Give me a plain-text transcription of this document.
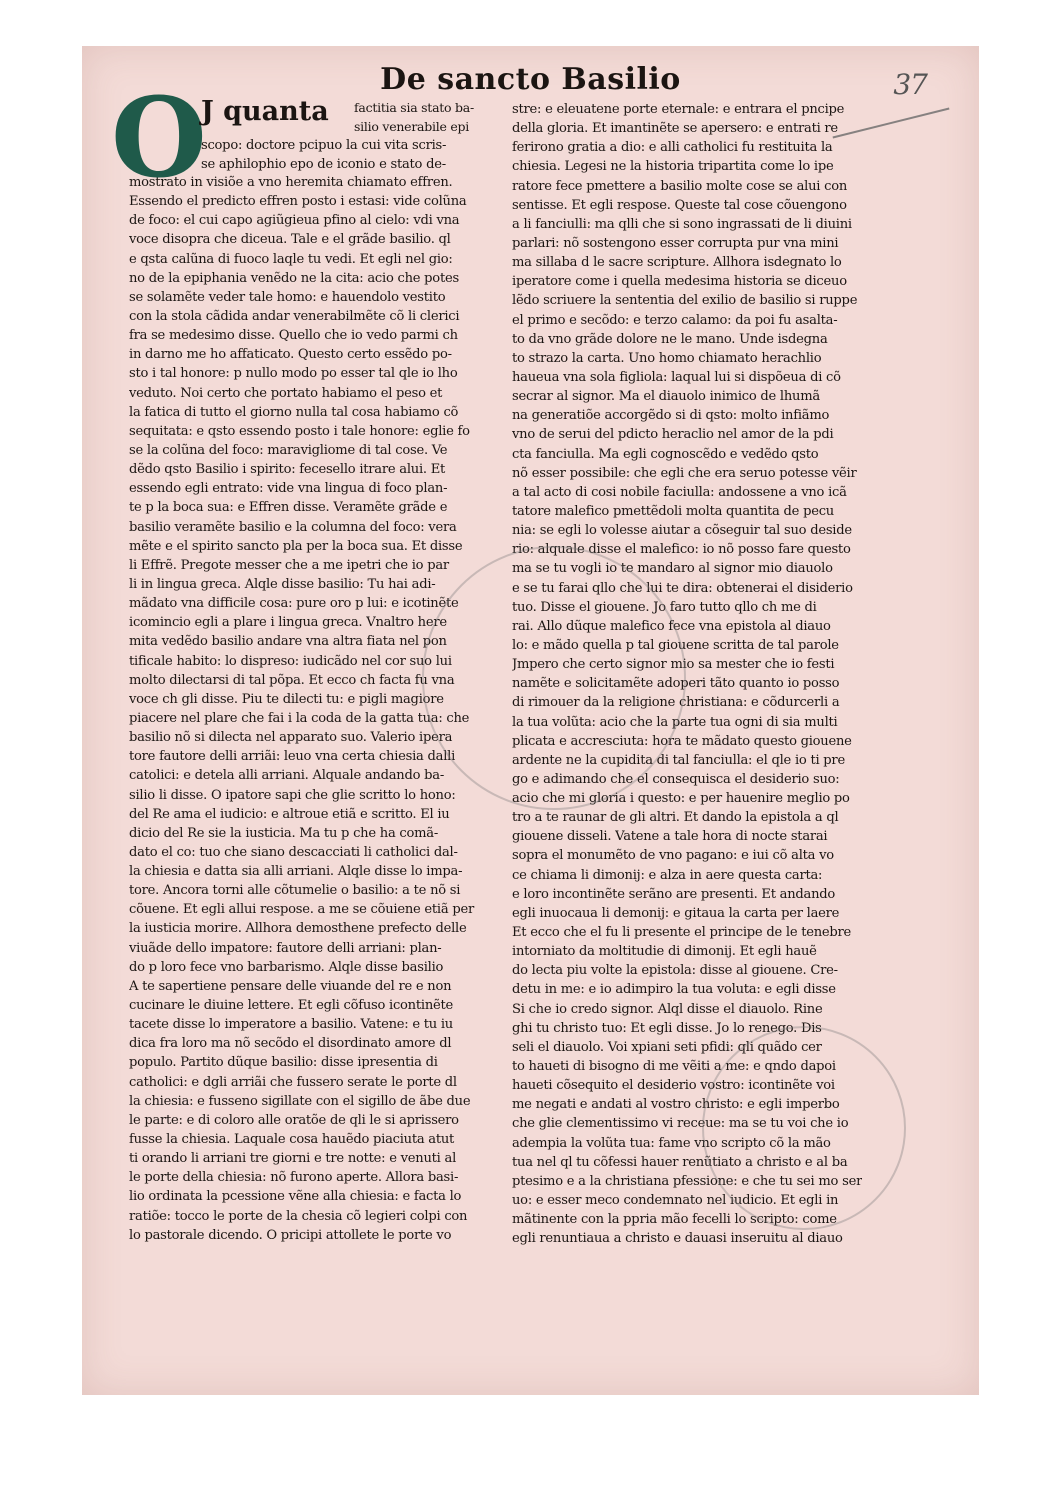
37
De sancto Basilio
O
J quanta factitia sia stato ba-
silio venerabile epi
scopo: doctore pcipuo la cui vita scris-
se aphilophio epo de iconio e stato de-
mostrato in visiõe a vno heremita chiamato effren.
Essendo el predicto effren posto i estasi: vide colũna
de foco: el cui capo agiũgieua pfino al cielo: vdi vna
voce disopra che diceua. Tale e el grãde basilio. ql
e qsta calũna di fuoco laqle tu vedi. Et egli nel gio:
no de la epiphania venẽdo ne la cita: acio che potes
se solamẽte veder tale homo: e hauendolo vestito
con la stola cãdida andar venerabilmẽte cõ li clerici
fra se medesimo disse. Quello che io vedo parmi ch
in darno me ho affaticato. Questo certo essẽdo po-
sto i tal honore: p nullo modo po esser tal qle io lho
veduto. Noi certo che portato habiamo el peso et
la fatica di tutto el giorno nulla tal cosa habiamo cõ
sequitata: e qsto essendo posto i tale honore: eglie fo
se la colũna del foco: maravigliome di tal cose. Ve
dẽdo qsto Basilio i spirito: fecesello itrare alui. Et
essendo egli entrato: vide vna lingua di foco plan-
te p la boca sua: e Effren disse. Veramẽte grãde e
basilio veramẽte basilio e la columna del foco: vera
mẽte e el spirito sancto pla per la boca sua. Et disse
li Effrẽ. Pregote messer che a me ipetri che io par
li in lingua greca. Alqle disse basilio: Tu hai adi-
mãdato vna difficile cosa: pure oro p lui: e icotinẽte
icomincio egli a plare i lingua greca. Vnaltro here
mita vedẽdo basilio andare vna altra fiata nel pon
tificale habito: lo dispreso: iudicãdo nel cor suo lui
molto dilectarsi di tal põpa. Et ecco ch facta fu vna
voce ch gli disse. Piu te dilecti tu: e pigli magiore
piacere nel plare che fai i la coda de la gatta tua: che
basilio nõ si dilecta nel apparato suo. Valerio ipera
tore fautore delli arriãi: leuo vna certa chiesia dalli
catolici: e detela alli arriani. Alquale andando ba-
silio li disse. O ipatore sapi che glie scritto lo hono:
del Re ama el iudicio: e altroue etiã e scritto. El iu
dicio del Re sie la iusticia. Ma tu p che ha comã-
dato el co: tuo che siano descacciati li catholici dal-
la chiesia e datta sia alli arriani. Alqle disse lo impa-
tore. Ancora torni alle cõtumelie o basilio: a te nõ si
cõuene. Et egli allui respose. a me se cõuiene etiã per
la iusticia morire. Allhora demosthene prefecto delle
viuãde dello impatore: fautore delli arriani: plan-
do p loro fece vno barbarismo. Alqle disse basilio
A te sapertiene pensare delle viuande del re e non
cucinare le diuine lettere. Et egli cõfuso icontinẽte
tacete disse lo imperatore a basilio. Vatene: e tu iu
dica fra loro ma nõ secõdo el disordinato amore dl
populo. Partito dũque basilio: disse ipresentia di
catholici: e dgli arriãi che fussero serate le porte dl
la chiesia: e fusseno sigillate con el sigillo de ãbe due
le parte: e di coloro alle oratõe de qli le si aprissero
fusse la chiesia. Laquale cosa hauẽdo piaciuta atut
ti orando li arriani tre giorni e tre notte: e venuti al
le porte della chiesia: nõ furono aperte. Allora basi-
lio ordinata la pcessione vẽne alla chiesia: e facta lo
ratiõe: tocco le porte de la chesia cõ legieri colpi con
lo pastorale dicendo. O pricipi attollete le porte vo
stre: e eleuatene porte eternale: e entrara el pncipe
della gloria. Et imantinẽte se apersero: e entrati re
ferirono gratia a dio: e alli catholici fu restituita la
chiesia. Legesi ne la historia tripartita come lo ipe
ratore fece pmettere a basilio molte cose se alui con
sentisse. Et egli respose. Queste tal cose cõuengono
a li fanciulli: ma qlli che si sono ingrassati de li diuini
parlari: nõ sostengono esser corrupta pur vna mini
ma sillaba d le sacre scripture. Allhora isdegnato lo
iperatore come i quella medesima historia se diceuo
lẽdo scriuere la sententia del exilio de basilio si ruppe
el primo e secõdo: e terzo calamo: da poi fu asalta-
to da vno grãde dolore ne le mano. Unde isdegna
to strazo la carta. Uno homo chiamato herachlio
haueua vna sola figliola: laqual lui si dispõeua di cõ
secrar al signor. Ma el diauolo inimico de lhumã
na generatiõe accorgẽdo si di qsto: molto infiãmo
vno de serui del pdicto heraclio nel amor de la pdi
cta fanciulla. Ma egli cognoscẽdo e vedẽdo qsto
nõ esser possibile: che egli che era seruo potesse vẽir
a tal acto di cosi nobile faciulla: andossene a vno icã
tatore malefico pmettẽdoli molta quantita de pecu
nia: se egli lo volesse aiutar a cõseguir tal suo deside
rio: alquale disse el malefico: io nõ posso fare questo
ma se tu vogli io te mandaro al signor mio diauolo
e se tu farai qllo che lui te dira: obtenerai el disiderio
tuo. Disse el giouene. Jo faro tutto qllo ch me di
rai. Allo dũque malefico fece vna epistola al diauo
lo: e mãdo quella p tal giouene scritta de tal parole
Jmpero che certo signor mio sa mester che io festi
namẽte e solicitamẽte adoperi tãto quanto io posso
di rimouer da la religione christiana: e cõdurcerli a
la tua volũta: acio che la parte tua ogni di sia multi
plicata e accresciuta: hora te mãdato questo giouene
ardente ne la cupidita di tal fanciulla: el qle io ti pre
go e adimando che el consequisca el desiderio suo:
acio che mi gloria i questo: e per hauenire meglio po
tro a te raunar de gli altri. Et dando la epistola a ql
giouene disseli. Vatene a tale hora di nocte starai
sopra el monumẽto de vno pagano: e iui cõ alta vo
ce chiama li dimonij: e alza in aere questa carta:
e loro incontinẽte serãno are presenti. Et andando
egli inuocaua li demonij: e gitaua la carta per laere
Et ecco che el fu li presente el principe de le tenebre
intorniato da moltitudie di dimonij. Et egli hauẽ
do lecta piu volte la epistola: disse al giouene. Cre-
detu in me: e io adimpiro la tua voluta: e egli disse
Si che io credo signor. Alql disse el diauolo. Rine
ghi tu christo tuo: Et egli disse. Jo lo renego. Dis
seli el diauolo. Voi xpiani seti pfidi: qli quãdo cer
to haueti di bisogno di me vẽiti a me: e qndo dapoi
haueti cõsequito el desiderio vostro: icontinẽte voi
me negati e andati al vostro christo: e egli imperbo
che glie clementissimo vi receue: ma se tu voi che io
adempia la volũta tua: fame vno scripto cõ la mão
tua nel ql tu cõfessi hauer renũtiato a christo e al ba
ptesimo e a la christiana pfessione: e che tu sei mo ser
uo: e esser meco condemnato nel iudicio. Et egli in
mãtinente con la ppria mão fecelli lo scripto: come
egli renuntiaua a christo e dauasi inseruitu al diauo
